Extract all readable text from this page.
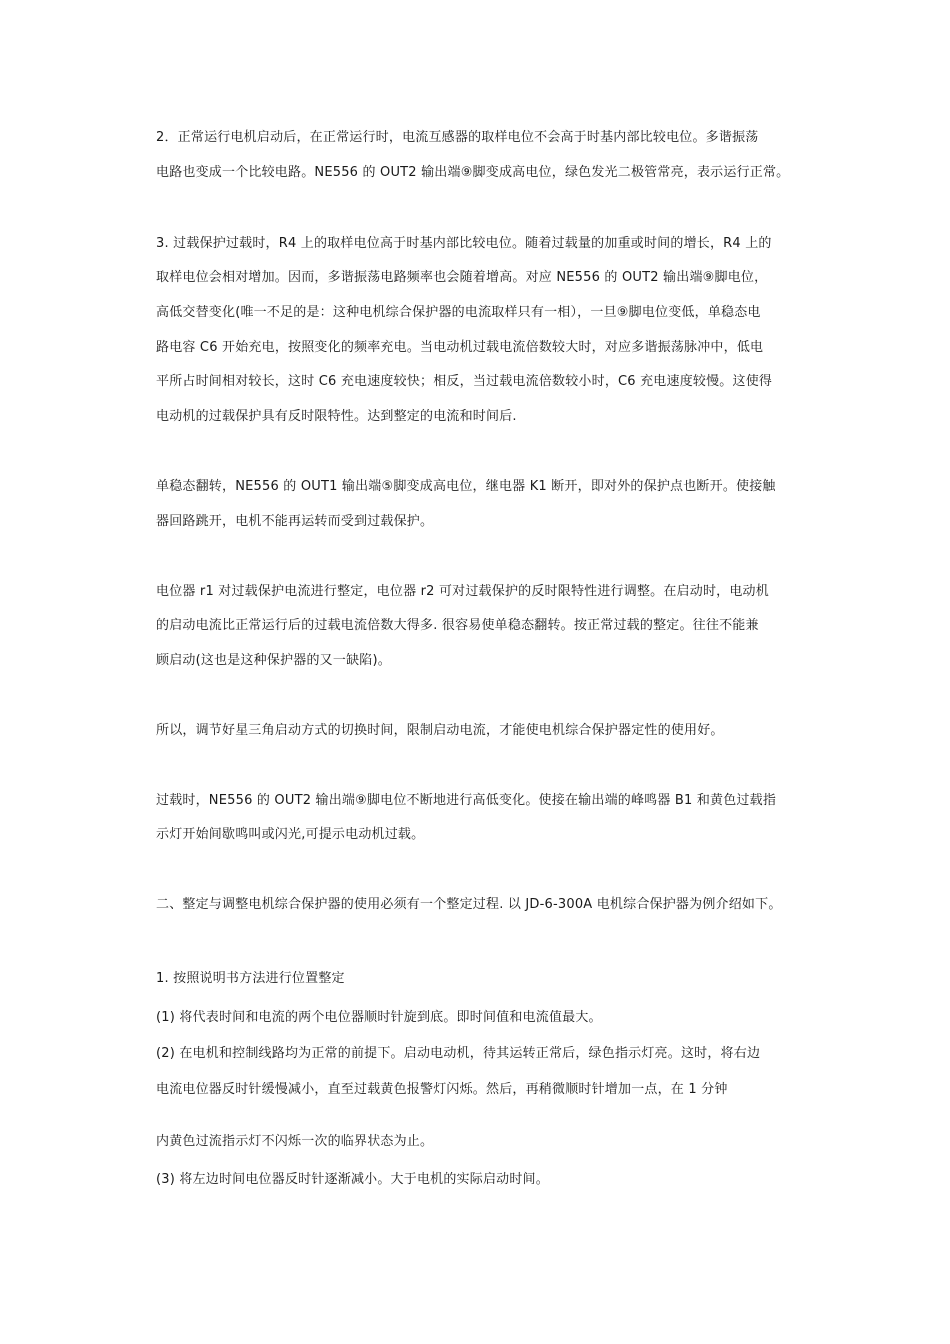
2．正常运行电机启动后，在正常运行时，电流互感器的取样电位不会高于时基内部比较电位。多谐振荡
电路也变成一个比较电路。NE556 的 OUT2 输出端⑨脚变成高电位，绿色发光二极管常亮，表示运行正常。
3. 过载保护过载时，R4 上的取样电位高于时基内部比较电位。随着过载量的加重或时间的增长，R4 上的
取样电位会相对增加。因而，多谐振荡电路频率也会随着增高。对应 NE556 的 OUT2 输出端⑨脚电位，
高低交替变化(唯一不足的是：这种电机综合保护器的电流取样只有一相），一旦⑨脚电位变低，单稳态电
路电容 C6 开始充电，按照变化的频率充电。当电动机过载电流倍数较大时，对应多谐振荡脉冲中，低电
平所占时间相对较长，这时 C6 充电速度较快；相反，当过载电流倍数较小时，C6 充电速度较慢。这使得
电动机的过载保护具有反时限特性。达到整定的电流和时间后.
单稳态翻转，NE556 的 OUT1 输出端⑤脚变成高电位，继电器 K1 断开，即对外的保护点也断开。使接触
器回路跳开，电机不能再运转而受到过载保护。
电位器 r1 对过载保护电流进行整定，电位器 r2 可对过载保护的反时限特性进行调整。在启动时，电动机
的启动电流比正常运行后的过载电流倍数大得多. 很容易使单稳态翻转。按正常过载的整定。往往不能兼
顾启动(这也是这种保护器的又一缺陷)。
所以，调节好星三角启动方式的切换时间，限制启动电流，才能使电机综合保护器定性的使用好。
过载时，NE556 的 OUT2 输出端⑨脚电位不断地进行高低变化。使接在输出端的峰鸣器 B1 和黄色过载指
示灯开始间歇鸣叫或闪光,可提示电动机过载。
二、整定与调整电机综合保护器的使用必须有一个整定过程. 以 JD-6-300A 电机综合保护器为例介绍如下。
1. 按照说明书方法进行位置整定
(1) 将代表时间和电流的两个电位器顺时针旋到底。即时间值和电流值最大。
(2) 在电机和控制线路均为正常的前提下。启动电动机，待其运转正常后，绿色指示灯亮。这时，将右边
电流电位器反时针缓慢减小，直至过载黄色报警灯闪烁。然后，再稍微顺时针增加一点，在 1 分钟
内黄色过流指示灯不闪烁一次的临界状态为止。
(3) 将左边时间电位器反时针逐渐减小。大于电机的实际启动时间。
